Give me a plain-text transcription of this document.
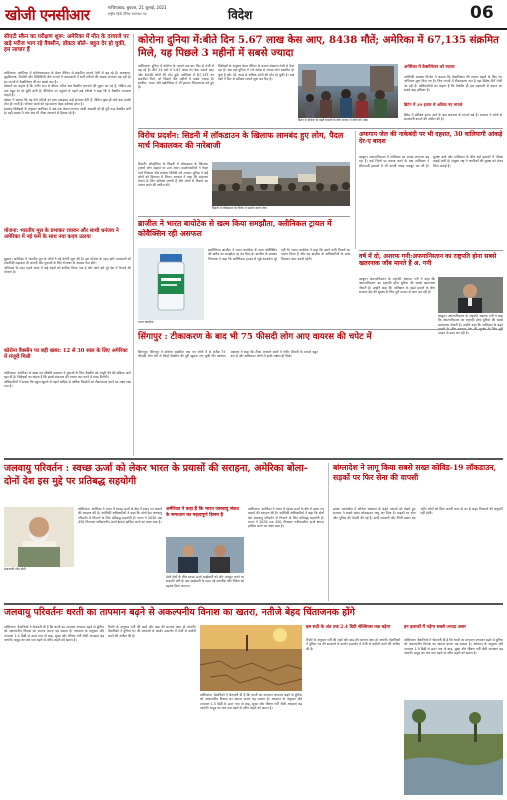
खोजी एनसीआर	गाजियाबाद, बुधवार, 21 जुलाई, 2021
राष्ट्रीय हिंदी दैनिक समाचार पत्र	विदेश	06
सीएटी स्कैन का परीक्षण शुरू: अमेरिका में मौत के दरवाजे पर खड़े मरीज भाग रहे वैक्सीन, डॉक्टर बोले- बहुत देर हो चुकी, हम लाचार हैं

वाशिंगटन। अमेरिका में कोरोनावायरस के डेल्टा वैरिएंट से संक्रमित मामले तेजी से बढ़ रहे हैं। अलबामा, लुइसियाना, मिसौरी और मिसिसिपी जैसे राज्यों में अस्पतालों में भर्ती मरीजों की संख्या लगातार बढ़ रही है। इन राज्यों में वैक्सीनेशन की दर सबसे कम है।

डॉक्टरों का कहना है कि गंभीर रूप से बीमार मरीज अब वैक्सीन लगवाने की गुहार कर रहे हैं, लेकिन तब तक बहुत देर हो चुकी होती है। वेंटिलेटर पर पहुंचने से पहले कई मरीजों ने कहा कि वे वैक्सीन लगवाना चाहते हैं।

डॉक्टर ने बताया कि वह ऐसे मरीजों का हाथ पकड़कर उन्हें सांत्वना देती हैं, लेकिन कुछ ही घंटों बाद उनकी मौत हो जाती है। परिवार वालों को यह बताना बेहद दर्दनाक होता है।

स्वास्थ्य विशेषज्ञों के अनुसार अमेरिका में अब तक केवल लगभग आधी आबादी को ही पूरी तरह वैक्सीन लगी है। बड़ी संख्या में लोग अब भी टीका लगवाने से हिचक रहे हैं।

योजना: भारतीय मूल के प्रभाकर राघवन और साथी धनंजय ने अमेरिका में नई फर्म के साथ नया कदम उठाया

ह्यूस्टन। अमेरिका में भारतीय मूल के लोगों ने नई कंपनी शुरू की है। इस योजना के तहत छोटे व्यवसायों को तकनीकी सहायता दी जाएगी और युवाओं के लिए रोजगार के अवसर पैदा होंगे।

अभियान के तहत पहले चरण में कई शहरों को शामिल किया गया है और आगे इसे पूरे देश में फैलाने की योजना है।

कोरोना वैक्सीन पर बड़ी खबर: 12 से 30 साल के लिए अमेरिका में मंजूरी मिली

वाशिंगटन। अमेरिका के खाद्य एवं औषधि प्रशासन ने युवाओं के लिए वैक्सीन को मंजूरी देने की प्रक्रिया आगे बढ़ा दी है। विशेषज्ञों का कहना है कि इससे संक्रमण की रफ्तार कम करने में मदद मिलेगी।

अधिकारियों ने बताया कि स्कूल खुलने से पहले अधिक से अधिक किशोरों का टीकाकरण करने का लक्ष्य रखा गया है।

कोरोना दुनिया में:बीते दिन 5.67 लाख केस आए, 8438 मौतें; अमेरिका में 67,135 संक्रमित मिले, यह पिछले 3 महीनों में सबसे ज्यादा
वाशिंगटन। दुनिया में कोरोना के मामले एक बार फिर से तेजी से बढ़ रहे हैं। बीते 24 घंटों में 5.67 लाख नए केस सामने आए और 8438 लोगों की मौत हुई। अमेरिका में 67,135 नए संक्रमित मिले, जो पिछले तीन महीनों में सबसे ज्यादा हैं। ब्राजील, भारत और इंडोनेशिया में भी हालात चिंताजनक बने हुए हैं।
विशेषज्ञों के अनुसार डेल्टा वैरिएंट के कारण संक्रमण तेजी से फैल रहा है। अब तक दुनिया में 19 करोड़ से ज्यादा लोग संक्रमित हो चुके हैं और 41 लाख से अधिक लोगों की मौत हो चुकी है। कई देशों ने फिर से प्रतिबंध लगाने शुरू कर दिए हैं।
ब्रिटेन में कोरोना के बढ़ते मामलों के बीच बाजार में लोगों की भीड़।
अमेरिका में वैक्सीनेशन को रफ्तार
अमेरिकी स्वास्थ्य विभाग ने बताया कि वैक्सीनेशन की रफ्तार बढ़ाने के लिए नए अभियान शुरू किए गए हैं। जिन राज्यों में टीकाकरण कम है वहां विशेष टीमें भेजी जा रही हैं। अधिकारियों का कहना है कि वैक्सीन ही इस महामारी से बचाव का सबसे बड़ा हथियार है।
ब्रिटेन में 39 हजार से अधिक नए मामले
ब्रिटेन में प्रतिबंध हटाए जाने के बाद संक्रमण के मामले बढ़े हैं। सरकार ने लोगों से सावधानी बरतने की अपील की है।
विरोध प्रदर्शन: सिडनी में लॉकडाउन के खिलाफ लामबंद हुए लोग, पैदल मार्च निकालकर की नारेबाजी
सिडनी। ऑस्ट्रेलिया के सिडनी में लॉकडाउन के खिलाफ हजारों लोग सड़कों पर उतर आए। प्रदर्शनकारियों ने पैदल मार्च निकाला और सरकार विरोधी नारे लगाए। पुलिस ने कई लोगों को हिरासत में लिया। सरकार ने कहा कि संक्रमण रोकने के लिए प्रतिबंध जरूरी हैं और लोगों से नियमों का पालन करने की अपील की।
सिडनी में लॉकडाउन के विरोध में प्रदर्शन करते लोग।
अफगान जेल की नाकेबंदी पर भी दहशत, 30 वालियागी आंकड़े देर-ए बादश
काबुल। अफगानिस्तान में तालिबान का प्रभाव लगातार बढ़ रहा है। कई जिलों पर कब्जा करने के बाद तालिबान ने सीमावर्ती इलाकों में भी अपनी पकड़ मजबूत कर ली है। सुरक्षा बलों और तालिबान के बीच कई इलाकों में भीषण लड़ाई जारी है। संयुक्त राष्ट्र ने नागरिकों की सुरक्षा को लेकर चिंता जताई है।
ब्राजील ने भारत बायोटेक से खत्म किया समझौता, क्लीनिकल ट्रायल में कोवैक्सिन रही असफल
भारत बायोटेक
ब्रासीलिया। ब्राजील ने भारत बायोटेक के साथ कोवैक्सिन की खरीद का समझौता रद्द कर दिया है। ब्राजील के स्वास्थ्य नियामक ने कहा कि क्लीनिकल ट्रायल से जुड़े दस्तावेज पूरे नहीं थे। भारत बायोटेक ने कहा कि उसने सभी नियमों का पालन किया है और वह ब्राजील के अधिकारियों के साथ मिलकर काम करती रहेगी।	वर्ष में दो, अशरफ गनी:अफगानिस्तान का राष्ट्रपति होना सबसे खतरनाक जॉब मानते हैं अ. गनी
काबुल। अफगानिस्तान के राष्ट्रपति अशरफ गनी ने कहा कि अफगानिस्तान का राष्ट्रपति होना दुनिया की सबसे खतरनाक नौकरी है। उन्होंने कहा कि तालिबान के बढ़ते हमलों के बीच सरकार देश की सुरक्षा के लिए पूरी ताकत से काम कर रही है।
काबुल। अफगानिस्तान के राष्ट्रपति अशरफ गनी ने कहा कि अफगानिस्तान का राष्ट्रपति होना दुनिया की सबसे खतरनाक नौकरी है। उन्होंने कहा कि तालिबान के बढ़ते ताकत से काम कर रही है।
सिंगापुर : टीकाकरण के बाद भी 75 फीसदी लोग आए वायरस की चपेट में
सिंगापुर। सिंगापुर में कोरोना संक्रमित पाए गए लोगों में से करीब 75 फीसदी लोग ऐसे थे जिन्हें वैक्सीन की पूरी खुराक लग चुकी थी। स्वास्थ्य मंत्रालय ने कहा कि टीका लगवाने वालों में गंभीर बीमारी के मामले बहुत कम हैं और अधिकतर लोगों में हल्के लक्षण ही दिखे।
जलवायु परिवर्तन : स्वच्छ ऊर्जा को लेकर भारत के प्रयासों की सराहना, अमेरिका बोला- दोनों देश इस मुद्दे पर प्रतिबद्ध सहयोगी
प्रधानमंत्री नरेंद्र मोदी
वाशिंगटन। अमेरिका ने भारत में स्वच्छ ऊर्जा के क्षेत्र में उठाए गए कदमों की सराहना की है। अमेरिकी अधिकारियों ने कहा कि दोनों देश जलवायु परिवर्तन से निपटने के लिए प्रतिबद्ध सहयोगी हैं। भारत ने 2030 तक 450 गीगावाट नवीकरणीय ऊर्जा क्षमता हासिल करने का लक्ष्य रखा है।
अमेरिका ने कहा है कि भारत जलवायु संकट के समाधान का महत्वपूर्ण हिस्सा है
दोनों देशों के बीच स्वच्छ ऊर्जा साझेदारी को और मजबूत करने पर सहमति बनी है। इस साझेदारी के तहत नई तकनीक और निवेश को बढ़ावा दिया जाएगा।
वाशिंगटन। अमेरिका ने भारत में स्वच्छ ऊर्जा के क्षेत्र में उठाए गए कदमों की सराहना की है। अमेरिकी अधिकारियों ने कहा कि दोनों देश जलवायु परिवर्तन से निपटने के लिए प्रतिबद्ध सहयोगी हैं। भारत ने 2030 तक 450 गीगावाट नवीकरणीय ऊर्जा क्षमता हासिल करने का लक्ष्य रखा है।
बांग्लादेश ने लागू किया सबसे सख्त कोविड-19 लॉकडाउन, सड़कों पर फिर सेना की वापसी
ढाका। बांग्लादेश में कोरोना संक्रमण के बढ़ते मामलों को देखते हुए सरकार ने सबसे सख्त लॉकडाउन लागू कर दिया है। सड़कों पर सेना और पुलिस की तैनाती की गई है। सभी सरकारी और निजी दफ्तर बंद रहेंगे। लोगों को बिना जरूरी काम के घर से बाहर निकलने की अनुमति नहीं होगी।
जलवायु परिवर्तनः धरती का तापमान बढ़ने से अकल्पनीय विनाश का खतरा, नतीजे बेहद चिंताजनक होंगे
वाशिंगटन। वैज्ञानिकों ने चेतावनी दी है कि धरती का तापमान लगातार बढ़ने से दुनिया को अकल्पनीय विनाश का सामना करना पड़ सकता है। अध्ययन के अनुसार यदि तापमान 1.5 डिग्री से ऊपर गया तो बाढ़, सूखा और भीषण गर्मी जैसी आपदाएं बढ़ जाएंगी। समुद्र का जल स्तर बढ़ने से तटीय शहरों को खतरा है।
रिपोर्ट के अनुसार गर्मी की लहरें और बाढ़ की घटनाएं आम हो जाएंगी। वैज्ञानिकों ने दुनिया भर की सरकारों से कार्बन उत्सर्जन में तेजी से कटौती करने की अपील की है।
वाशिंगटन। वैज्ञानिकों ने चेतावनी दी है कि धरती का तापमान लगातार बढ़ने से दुनिया को अकल्पनीय विनाश का सामना करना पड़ सकता है। अध्ययन के अनुसार यदि तापमान 1.5 डिग्री से ऊपर गया तो बाढ़, सूखा और भीषण गर्मी जैसी आपदाएं बढ़ जाएंगी। समुद्र का जल स्तर बढ़ने से तटीय शहरों को खतरा है।
इस सदी के अंत तक 2.4 डिग्री सेल्सियस तक बढ़ेगा
रिपोर्ट के अनुसार गर्मी की लहरें और बाढ़ की घटनाएं आम हो जाएंगी। वैज्ञानिकों ने दुनिया भर की सरकारों से कार्बन उत्सर्जन में तेजी से कटौती करने की अपील की है।
इन इलाकों में पड़ेगा सबसे ज्यादा असर
वाशिंगटन। वैज्ञानिकों ने चेतावनी दी है कि धरती का तापमान लगातार बढ़ने से दुनिया को अकल्पनीय विनाश का सामना करना पड़ सकता है। अध्ययन के अनुसार यदि तापमान 1.5 डिग्री से ऊपर गया तो बाढ़, सूखा और भीषण गर्मी जैसी आपदाएं बढ़ जाएंगी। समुद्र का जल स्तर बढ़ने से तटीय शहरों को खतरा है।
